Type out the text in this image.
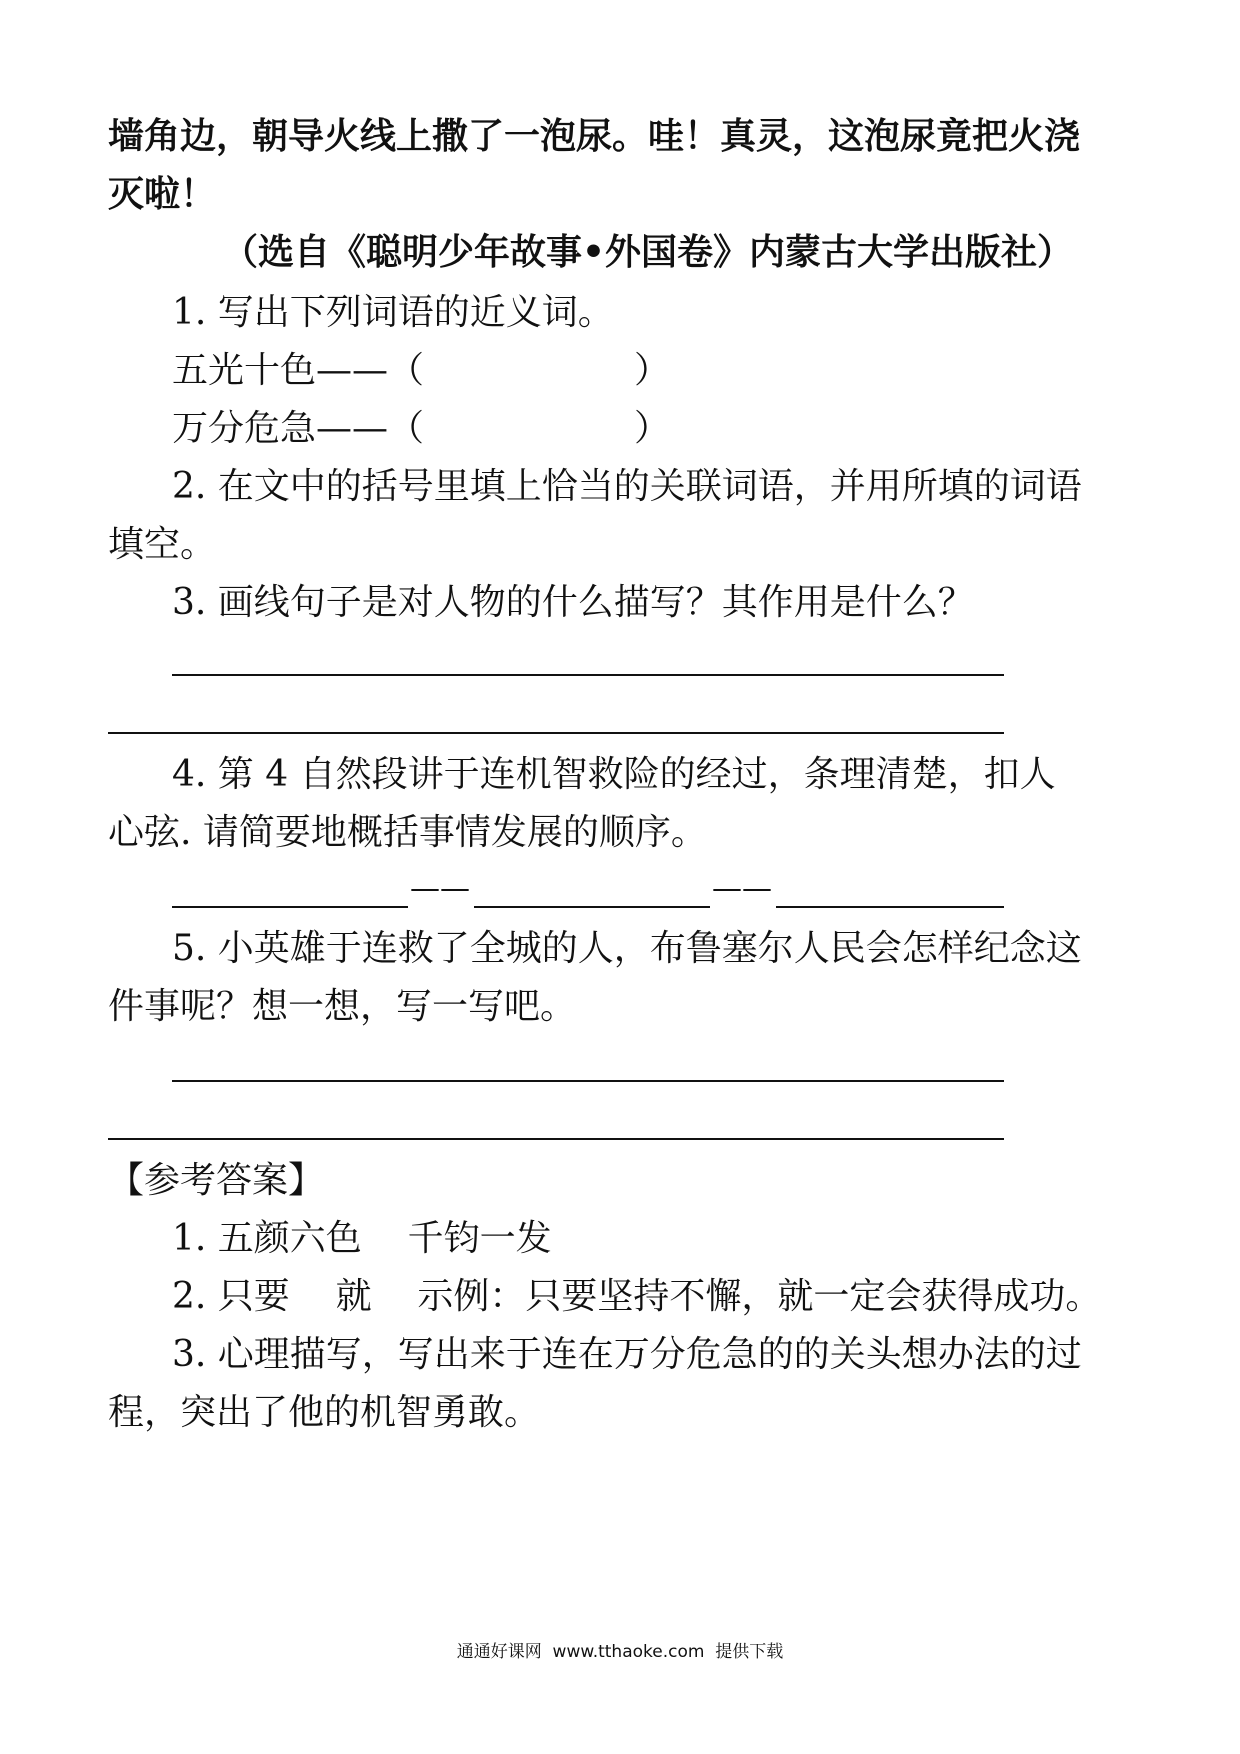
墙角边，朝导火线上撒了一泡尿。哇！真灵，这泡尿竟把火浇
灭啦！
（选自《聪明少年故事•外国卷》内蒙古大学出版社）
1. 写出下列词语的近义词。
五光十色——（	）
万分危急——（	）
2. 在文中的括号里填上恰当的关联词语，并用所填的词语
填空。
3. 画线句子是对人物的什么描写？其作用是什么？
4. 第 4 自然段讲于连机智救险的经过，条理清楚，扣人
心弦. 请简要地概括事情发展的顺序。
——	——
5. 小英雄于连救了全城的人，布鲁塞尔人民会怎样纪念这
件事呢？想一想，写一写吧。
【参考答案】
1. 五颜六色    千钧一发
2. 只要    就    示例：只要坚持不懈，就一定会获得成功。
3. 心理描写，写出来于连在万分危急的的关头想办法的过
程，突出了他的机智勇敢。
通通好课网  www.tthaoke.com  提供下载
